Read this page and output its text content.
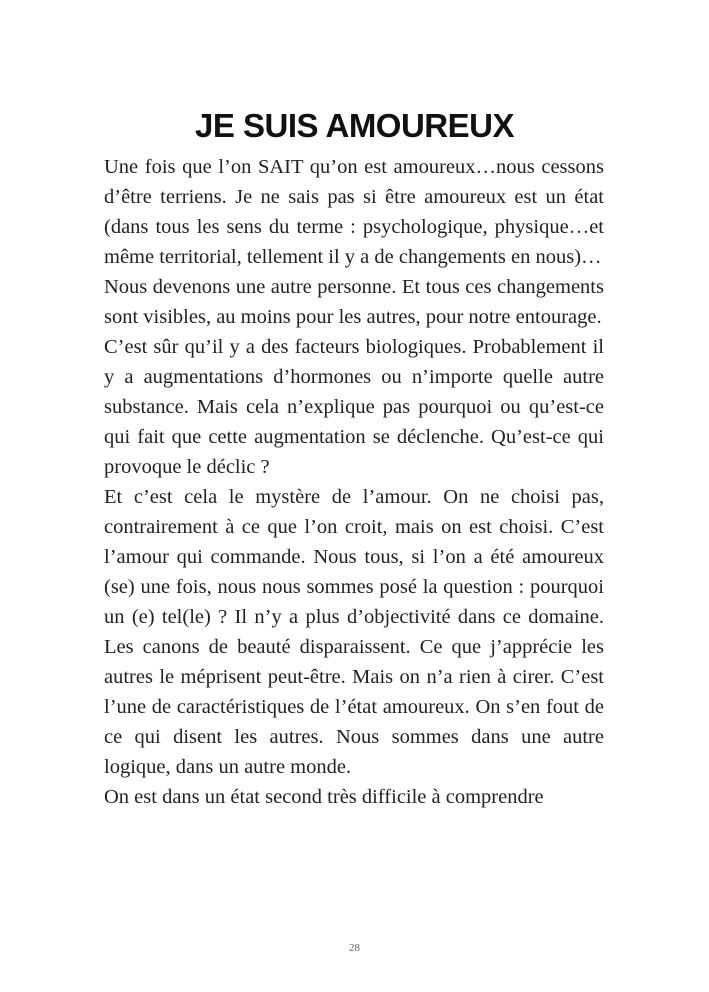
JE SUIS AMOUREUX

Une fois que l’on SAIT qu’on est amoureux…nous cessons d’être terriens. Je ne sais pas si être amoureux est un état (dans tous les sens du terme : psychologique, physique…et même territorial, tellement il y a de changements en nous)…

Nous devenons une autre personne. Et tous ces changements sont visibles, au moins pour les autres, pour notre entourage.

C’est sûr qu’il y a des facteurs biologiques. Probablement il y a augmentations d’hormones ou n’importe quelle autre substance. Mais cela n’explique pas pourquoi ou qu’est-ce qui fait que cette augmentation se déclenche. Qu’est-ce qui provoque le déclic ?

Et c’est cela le mystère de l’amour. On ne choisi pas, contrairement à ce que l’on croit, mais on est choisi. C’est l’amour qui commande. Nous tous, si l’on a été amoureux (se) une fois, nous nous sommes posé la question : pourquoi un (e) tel(le) ? Il n’y a plus d’objectivité dans ce domaine. Les canons de beauté disparaissent. Ce que j’apprécie les autres le méprisent peut-être. Mais on n’a rien à cirer. C’est l’une de caractéristiques de l’état amoureux. On s’en fout de ce qui disent les autres. Nous sommes dans une autre logique, dans un autre monde.

On est dans un état second très difficile à comprendre

28
